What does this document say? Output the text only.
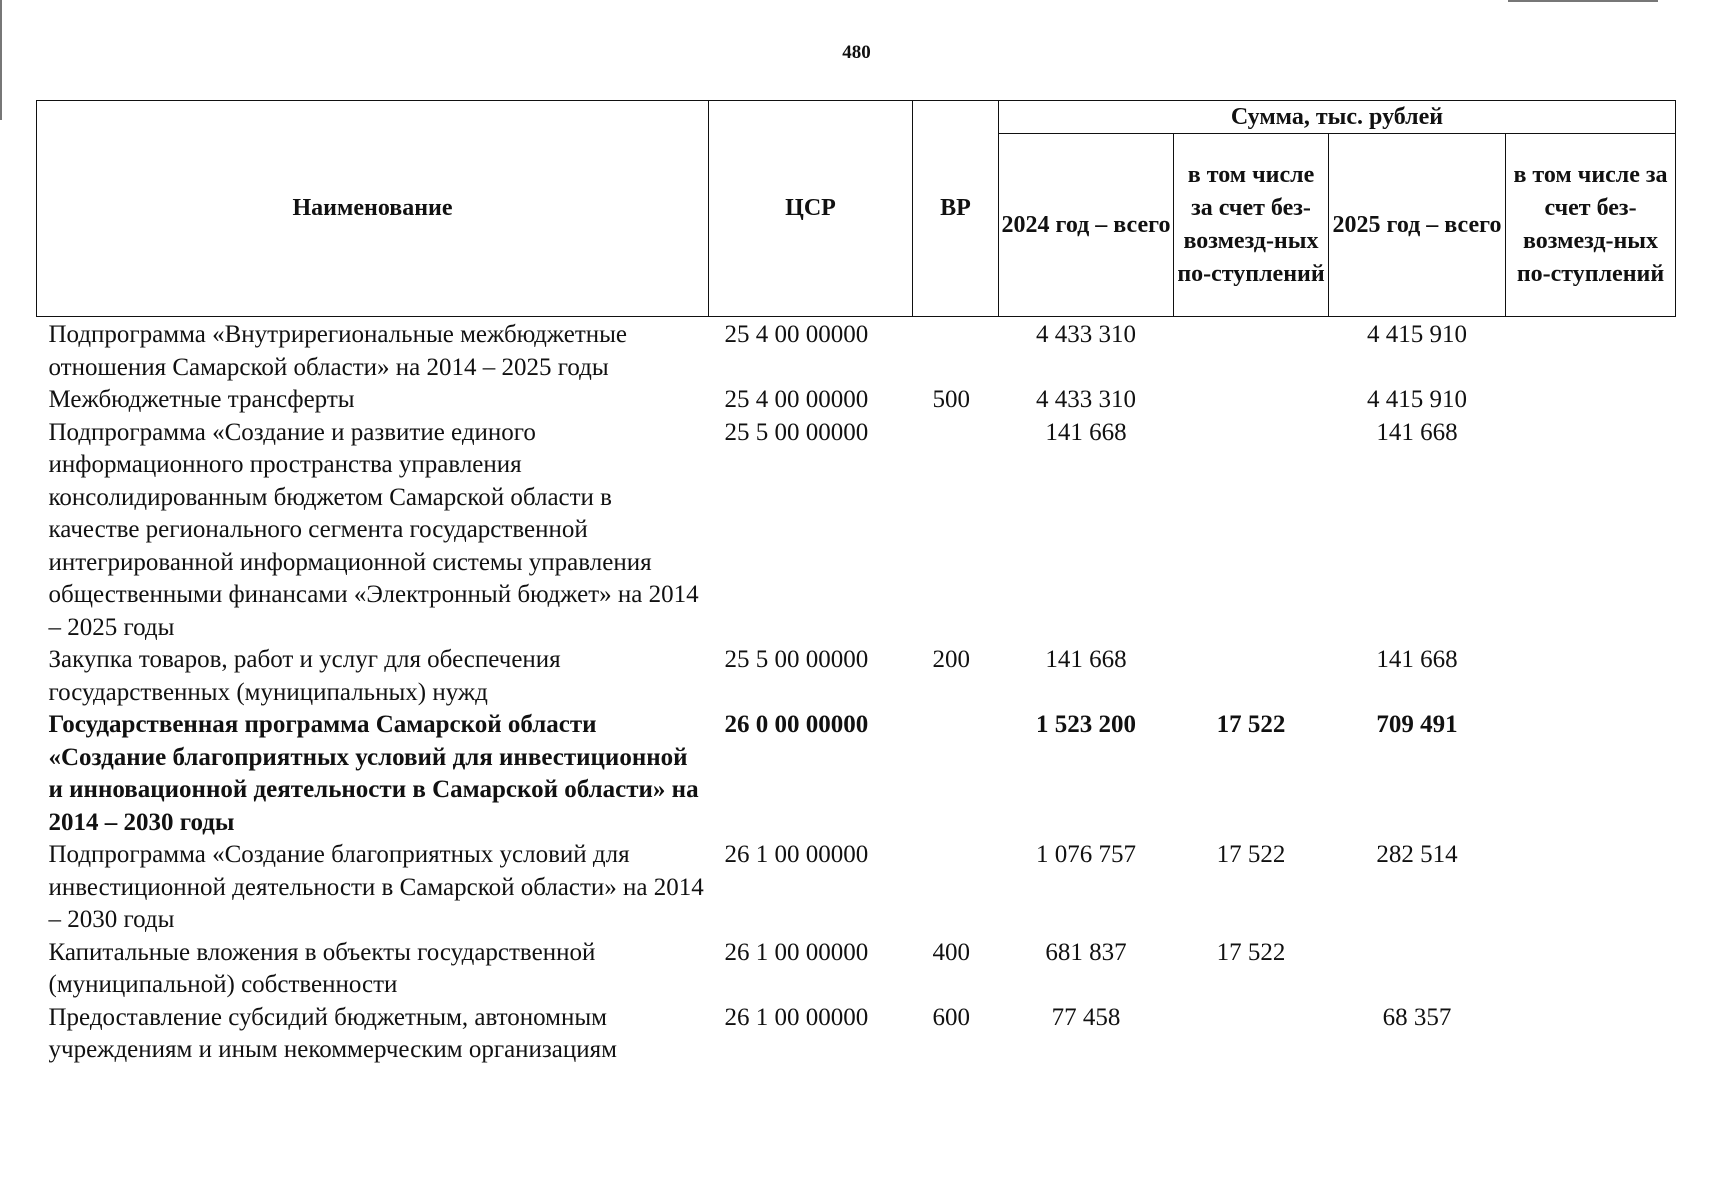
480
Наименование	ЦСР	ВР	Сумма, тыс. рублей			
			2024 год – всего	в том числе за счет без-возмезд-ных по-ступлений	2025 год – всего	в том числе за счет без-возмезд-ных по-ступлений
Подпрограмма «Внутрирегиональные межбюджетные отношения Самарской области» на 2014 – 2025 годы	25 4 00 00000		4 433 310		4 415 910	
Межбюджетные трансферты	25 4 00 00000	500	4 433 310		4 415 910	
Подпрограмма «Создание и развитие единого информационного пространства управления консолидированным бюджетом Самарской области в качестве регионального сегмента государственной интегрированной информационной системы управления общественными финансами «Электронный бюджет» на 2014 – 2025 годы	25 5 00 00000		141 668		141 668	
Закупка товаров, работ и услуг для обеспечения государственных (муниципальных) нужд	25 5 00 00000	200	141 668		141 668	
Государственная программа Самарской области «Создание благоприятных условий для инвестиционной и инновационной деятельности в Самарской области» на 2014 – 2030 годы	26 0 00 00000		1 523 200	17 522	709 491	
Подпрограмма «Создание благоприятных условий для инвестиционной деятельности в Самарской области» на 2014 – 2030 годы	26 1 00 00000		1 076 757	17 522	282 514	
Капитальные вложения в объекты государственной (муниципальной) собственности	26 1 00 00000	400	681 837	17 522		
Предоставление субсидий бюджетным, автономным учреждениям и иным некоммерческим организациям	26 1 00 00000	600	77 458		68 357	
